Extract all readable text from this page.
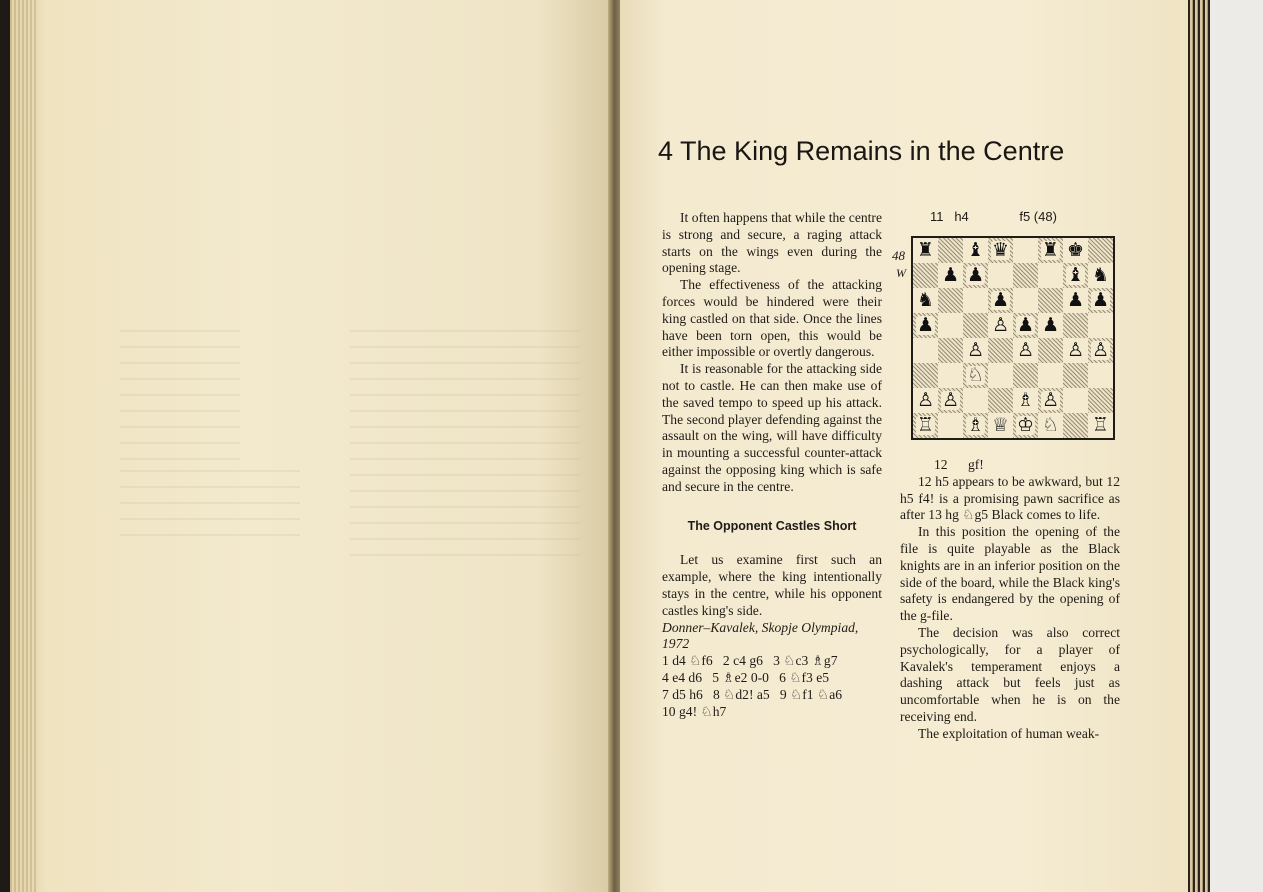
4 The King Remains in the Centre

It often happens that while the centre is strong and secure, a raging attack starts on the wings even during the opening stage.

The effectiveness of the attacking forces would be hindered were their king castled on that side. Once the lines have been torn open, this would be either impossible or overtly dangerous.

It is reasonable for the attacking side not to castle. He can then make use of the saved tempo to speed up his attack. The second player defending against the assault on the wing, will have difficulty in mounting a successful counter-attack against the opposing king which is safe and secure in the centre.

The Opponent Castles Short

Let us examine first such an example, where the king intentionally stays in the centre, while his opponent castles king's side.

Donner–Kavalek, Skopje Olympiad, 1972

1 d4 ♘f6   2 c4 g6   3 ♘c3 ♗g7

4 e4 d6   5 ♗e2 0-0   6 ♘f3 e5

7 d5 h6   8 ♘d2! a5   9 ♘f1 ♘a6

10 g4! ♘h7

11   h4              f5 (48)
48
W
♜ ♝ ♛ ♜ ♚
♟ ♟	♝ ♞
♞	♟	♟ ♟
♟	♙ ♟ ♟
♙ ♙ ♙ ♙
♘
♙ ♙	♗ ♙
♖ ♗ ♕ ♔ ♘ ♖

12      gf!

12 h5 appears to be awkward, but 12 h5 f4! is a promising pawn sacrifice as after 13 hg ♘g5 Black comes to life.

In this position the opening of the file is quite playable as the Black knights are in an inferior position on the side of the board, while the Black king's safety is endangered by the opening of the g-file.

The decision was also correct psychologically, for a player of Kavalek's temperament enjoys a dashing attack but feels just as uncomfortable when he is on the receiving end.

The exploitation of human weak-
